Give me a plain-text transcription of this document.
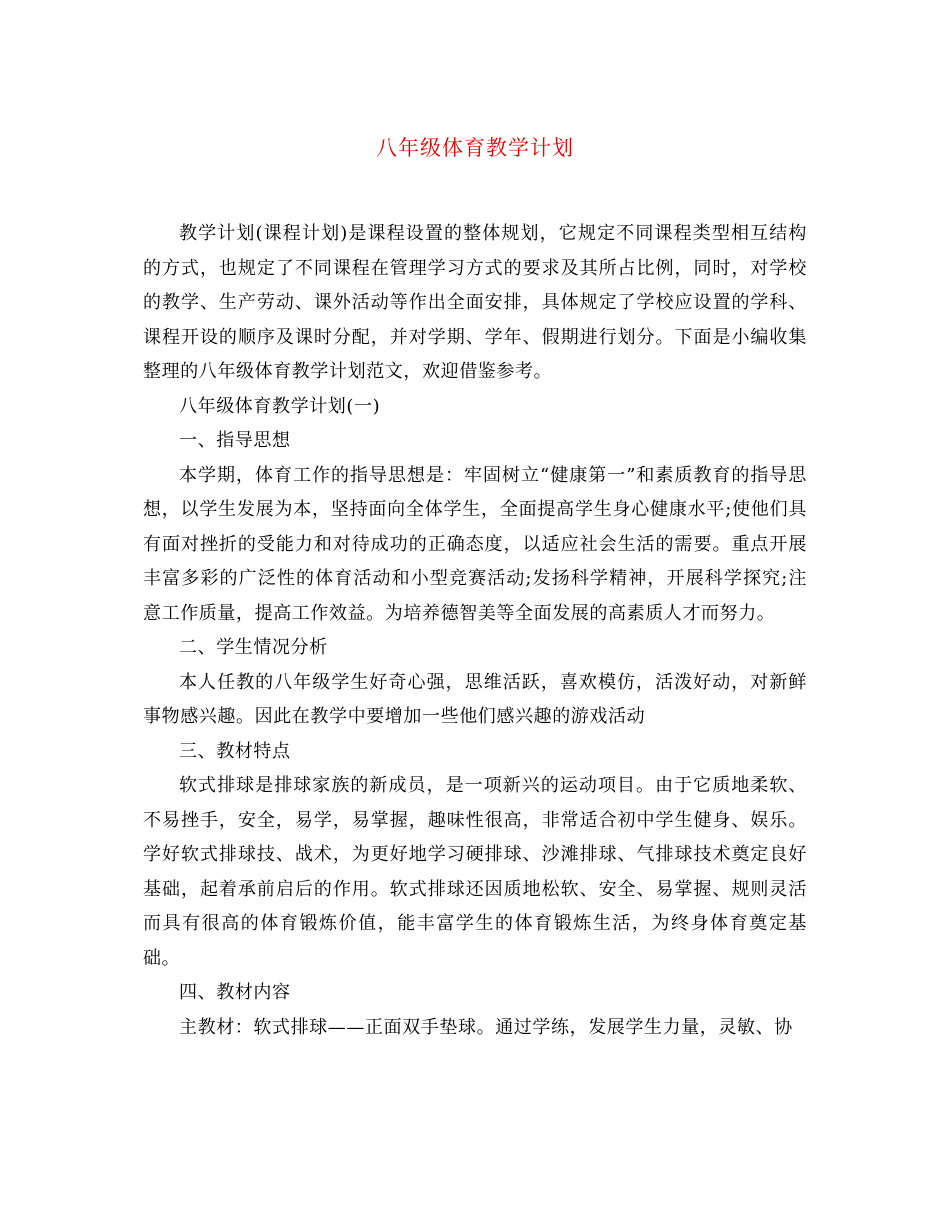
八年级体育教学计划

教学计划(课程计划)是课程设置的整体规划，它规定不同课程类型相互结构的方式，也规定了不同课程在管理学习方式的要求及其所占比例，同时，对学校的教学、生产劳动、课外活动等作出全面安排，具体规定了学校应设置的学科、课程开设的顺序及课时分配，并对学期、学年、假期进行划分。下面是小编收集整理的八年级体育教学计划范文，欢迎借鉴参考。

八年级体育教学计划(一)

一、指导思想

本学期，体育工作的指导思想是：牢固树立“健康第一”和素质教育的指导思想，以学生发展为本，坚持面向全体学生，全面提高学生身心健康水平;使他们具有面对挫折的受能力和对待成功的正确态度，以适应社会生活的需要。重点开展丰富多彩的广泛性的体育活动和小型竞赛活动;发扬科学精神，开展科学探究;注意工作质量，提高工作效益。为培养德智美等全面发展的高素质人才而努力。

二、学生情况分析

本人任教的八年级学生好奇心强，思维活跃，喜欢模仿，活泼好动，对新鲜事物感兴趣。因此在教学中要增加一些他们感兴趣的游戏活动

三、教材特点

软式排球是排球家族的新成员，是一项新兴的运动项目。由于它质地柔软、不易挫手，安全，易学，易掌握，趣味性很高，非常适合初中学生健身、娱乐。学好软式排球技、战术，为更好地学习硬排球、沙滩排球、气排球技术奠定良好基础，起着承前启后的作用。软式排球还因质地松软、安全、易掌握、规则灵活而具有很高的体育锻炼价值，能丰富学生的体育锻炼生活，为终身体育奠定基础。

四、教材内容

主教材：软式排球——正面双手垫球。通过学练，发展学生力量，灵敏、协
